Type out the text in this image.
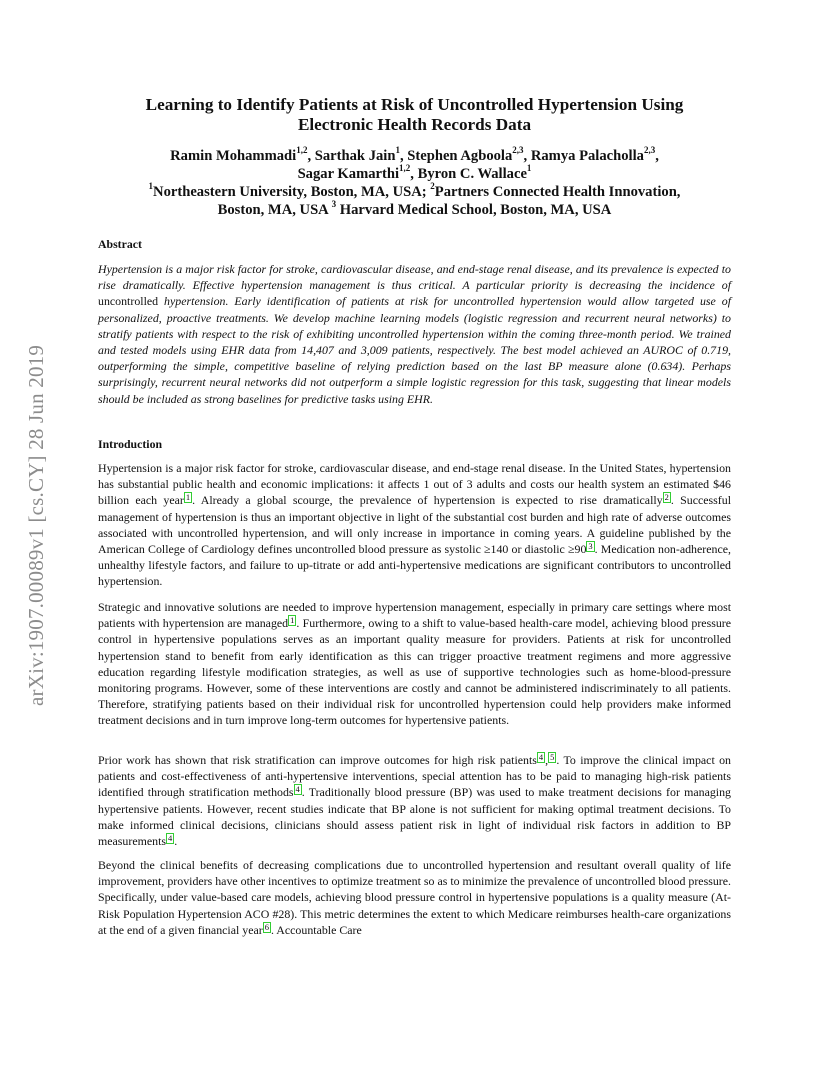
arXiv:1907.00089v1 [cs.CY] 28 Jun 2019
Learning to Identify Patients at Risk of Uncontrolled Hypertension Using
Electronic Health Records Data
Ramin Mohammadi$^{1,2}$, Sarthak Jain$^1$, Stephen Agboola$^{2,3}$, Ramya Palacholla$^{2,3}$,
Sagar Kamarthi$^{1,2}$, Byron C. Wallace$^1$
$^1$Northeastern University, Boston, MA, USA; $^2$Partners Connected Health Innovation,
Boston, MA, USA $^3$ Harvard Medical School, Boston, MA, USA
Abstract
Hypertension is a major risk factor for stroke, cardiovascular disease, and end-stage renal disease, and its prevalence is expected to rise dramatically. Effective hypertension management is thus critical. A particular priority is decreasing the incidence of uncontrolled hypertension. Early identification of patients at risk for uncontrolled hypertension would allow targeted use of personalized, proactive treatments. We develop machine learning models (logistic regression and recurrent neural networks) to stratify patients with respect to the risk of exhibiting uncontrolled hypertension within the coming three-month period. We trained and tested models using EHR data from 14,407 and 3,009 patients, respectively. The best model achieved an AUROC of 0.719, outperforming the simple, competitive baseline of relying prediction based on the last BP measure alone (0.634). Perhaps surprisingly, recurrent neural networks did not outperform a simple logistic regression for this task, suggesting that linear models should be included as strong baselines for predictive tasks using EHR.
Introduction
Hypertension is a major risk factor for stroke, cardiovascular disease, and end-stage renal disease. In the United States, hypertension has substantial public health and economic implications: it affects 1 out of 3 adults and costs our health system an estimated $46 billion each year 1 . Already a global scourge, the prevalence of hypertension is expected to rise dramatically 2 . Successful management of hypertension is thus an important objective in light of the substantial cost burden and high rate of adverse outcomes associated with uncontrolled hypertension, and will only increase in importance in coming years. A guideline published by the American College of Cardiology defines uncontrolled blood pressure as systolic ≥140 or diastolic ≥90 3 . Medication non-adherence, unhealthy lifestyle factors, and failure to up-titrate or add anti-hypertensive medications are significant contributors to uncontrolled hypertension.
Strategic and innovative solutions are needed to improve hypertension management, especially in primary care settings where most patients with hypertension are managed 1 . Furthermore, owing to a shift to value-based health-care model, achieving blood pressure control in hypertensive populations serves as an important quality measure for providers. Patients at risk for uncontrolled hypertension stand to benefit from early identification as this can trigger proactive treatment regimens and more aggressive education regarding lifestyle modification strategies, as well as use of supportive technologies such as home-blood-pressure monitoring programs. However, some of these interventions are costly and cannot be administered indiscriminately to all patients. Therefore, stratifying patients based on their individual risk for uncontrolled hypertension could help providers make informed treatment decisions and in turn improve long-term outcomes for hypertensive patients.
Prior work has shown that risk stratification can improve outcomes for high risk patients 4 , 5 . To improve the clinical impact on patients and cost-effectiveness of anti-hypertensive interventions, special attention has to be paid to managing high-risk patients identified through stratification methods 4 . Traditionally blood pressure (BP) was used to make treatment decisions for managing hypertensive patients. However, recent studies indicate that BP alone is not sufficient for making optimal treatment decisions. To make informed clinical decisions, clinicians should assess patient risk in light of individual risk factors in addition to BP measurements 4 .
Beyond the clinical benefits of decreasing complications due to uncontrolled hypertension and resultant overall quality of life improvement, providers have other incentives to optimize treatment so as to minimize the prevalence of uncontrolled blood pressure. Specifically, under value-based care models, achieving blood pressure control in hypertensive populations is a quality measure (At-Risk Population Hypertension ACO #28). This metric determines the extent to which Medicare reimburses health-care organizations at the end of a given financial year 6 . Accountable Care
